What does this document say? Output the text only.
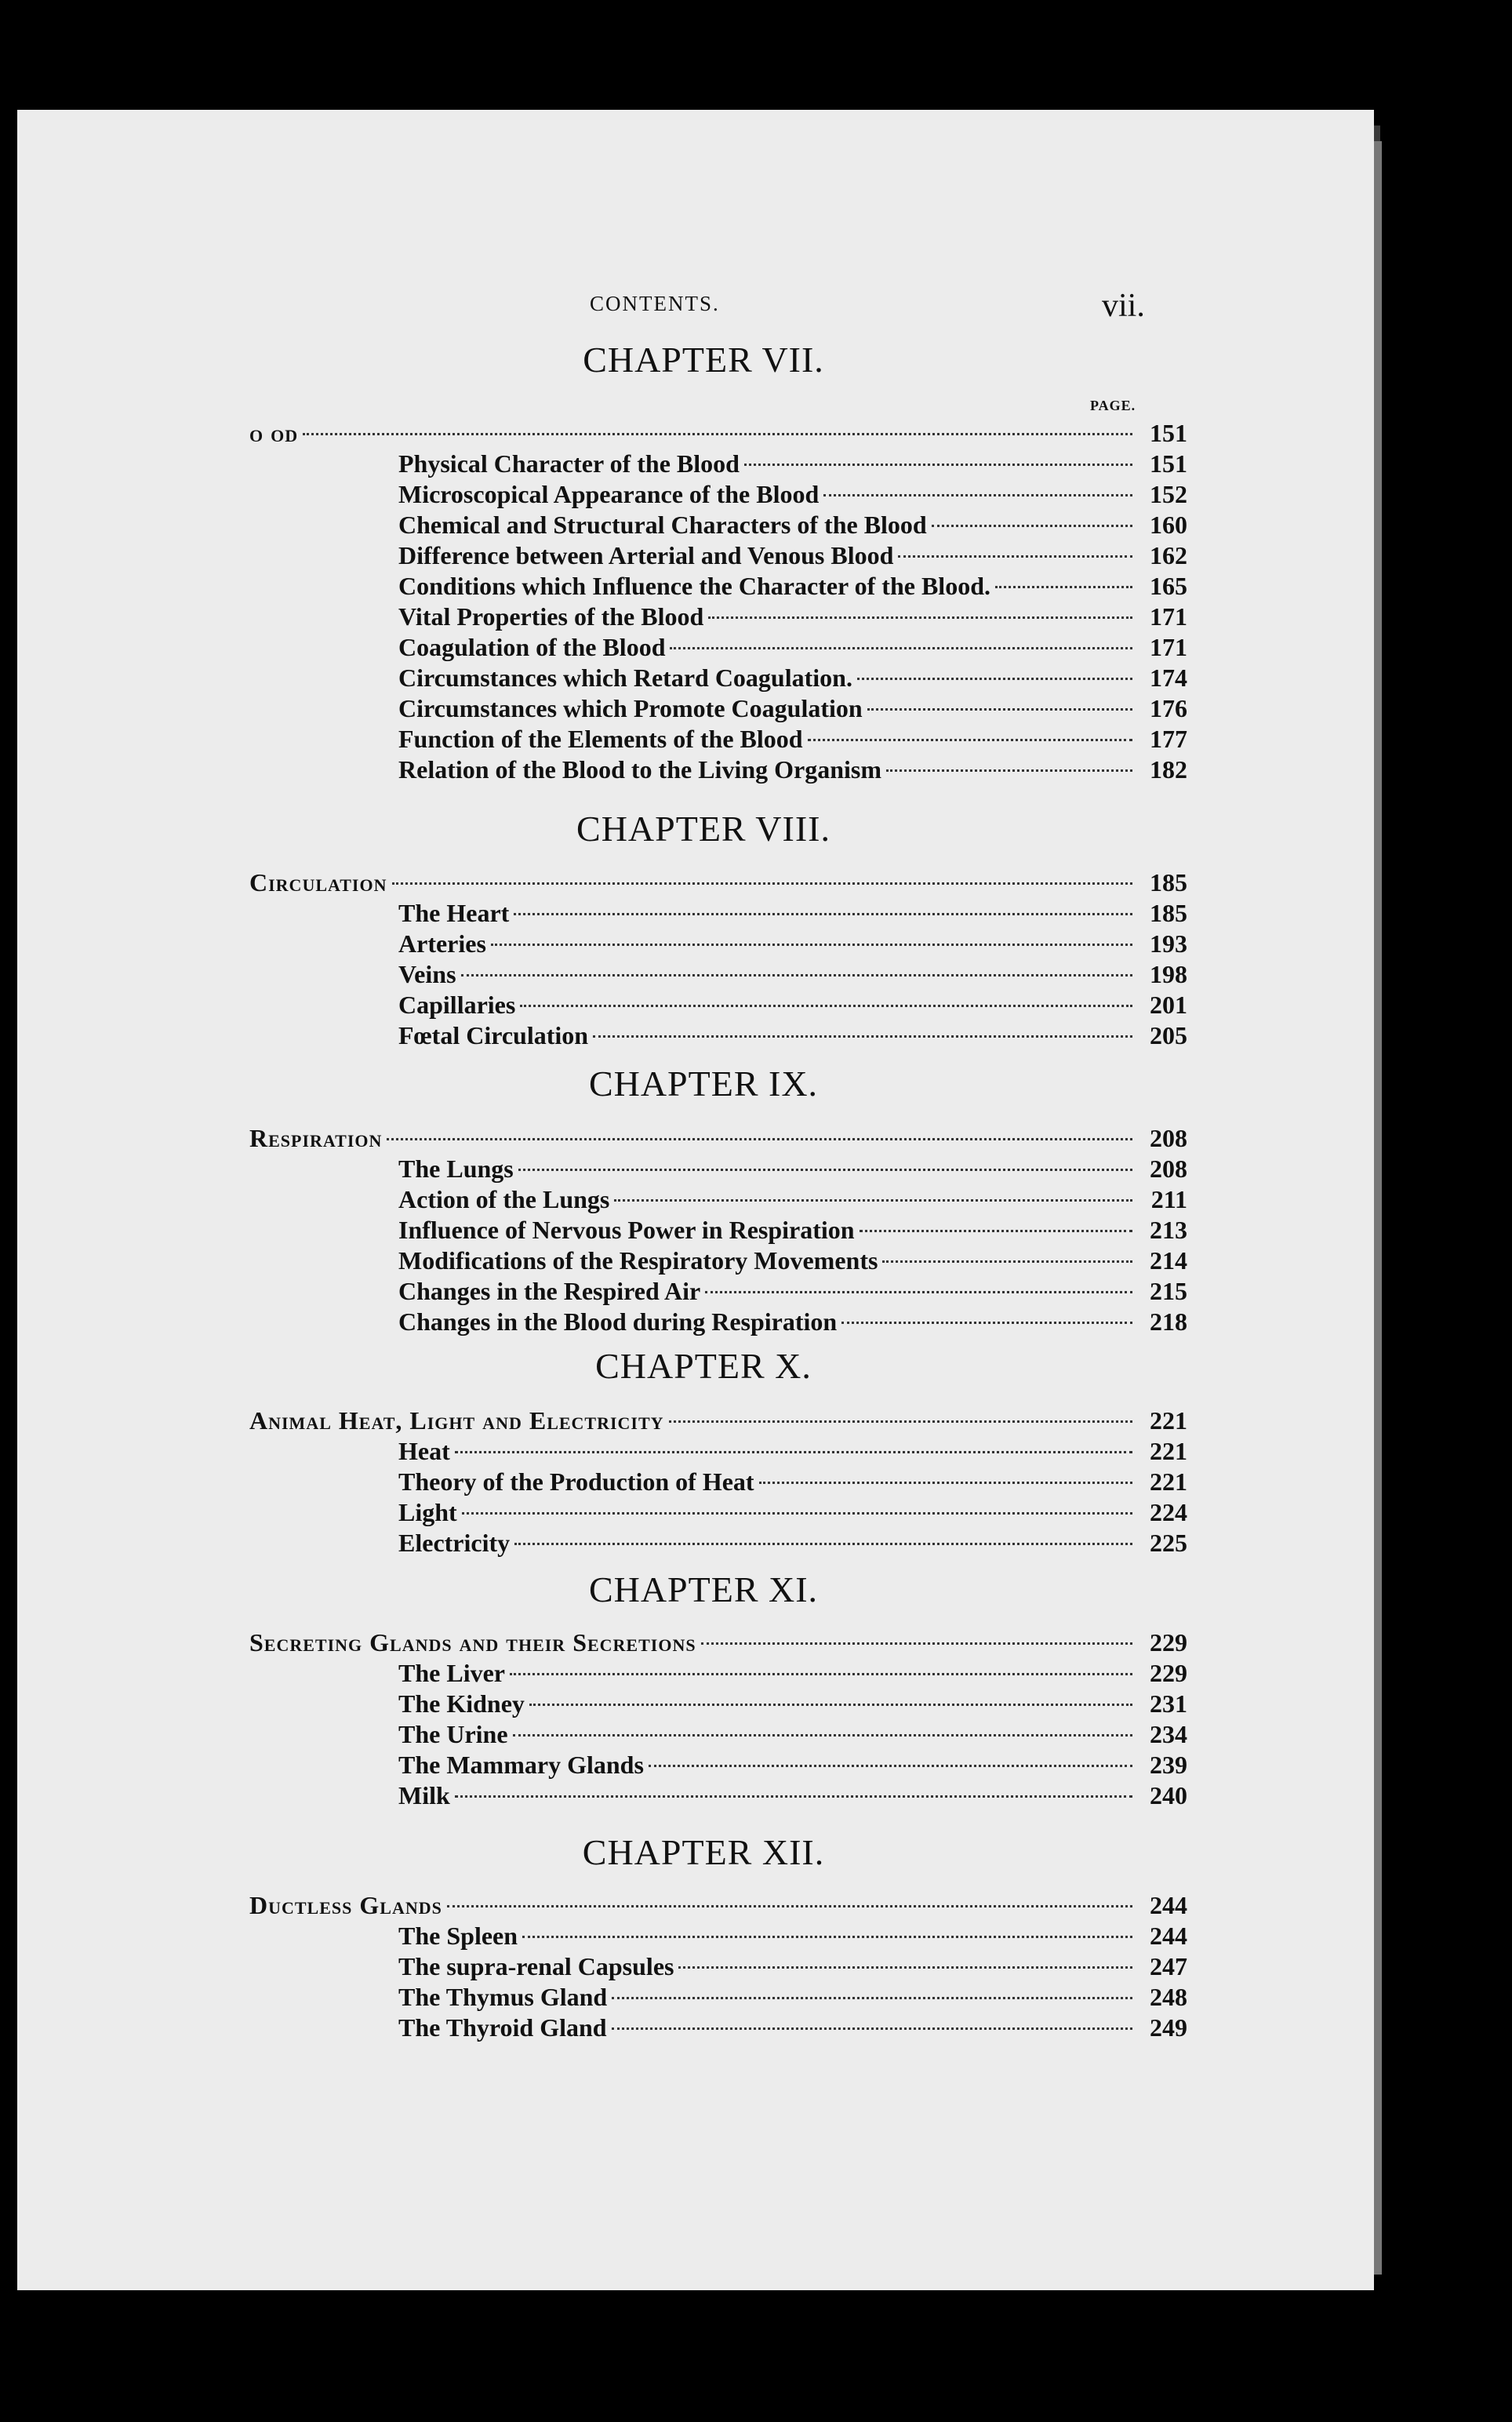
CONTENTS.	vii.
CHAPTER VII.
PAGE.
o od	151
Physical Character of the Blood	151
Microscopical Appearance of the Blood	152
Chemical and Structural Characters of the Blood	160
Difference between Arterial and Venous Blood	162
Conditions which Influence the Character of the Blood.	165
Vital Properties of the Blood	171
Coagulation of the Blood	171
Circumstances which Retard Coagulation.	174
Circumstances which Promote Coagulation	176
Function of the Elements of the Blood	177
Relation of the Blood to the Living Organism	182
CHAPTER VIII.
Circulation	185
The Heart	185
Arteries	193
Veins	198
Capillaries	201
Fœtal Circulation	205
CHAPTER IX.
Respiration	208
The Lungs	208
Action of the Lungs	211
Influence of Nervous Power in Respiration	213
Modifications of the Respiratory Movements	214
Changes in the Respired Air	215
Changes in the Blood during Respiration	218
CHAPTER X.
Animal Heat, Light and Electricity	221
Heat	221
Theory of the Production of Heat	221
Light	224
Electricity	225
CHAPTER XI.
Secreting Glands and their Secretions	229
The Liver	229
The Kidney	231
The Urine	234
The Mammary Glands	239
Milk	240
CHAPTER XII.
Ductless Glands	244
The Spleen	244
The supra-renal Capsules	247
The Thymus Gland	248
The Thyroid Gland	249
